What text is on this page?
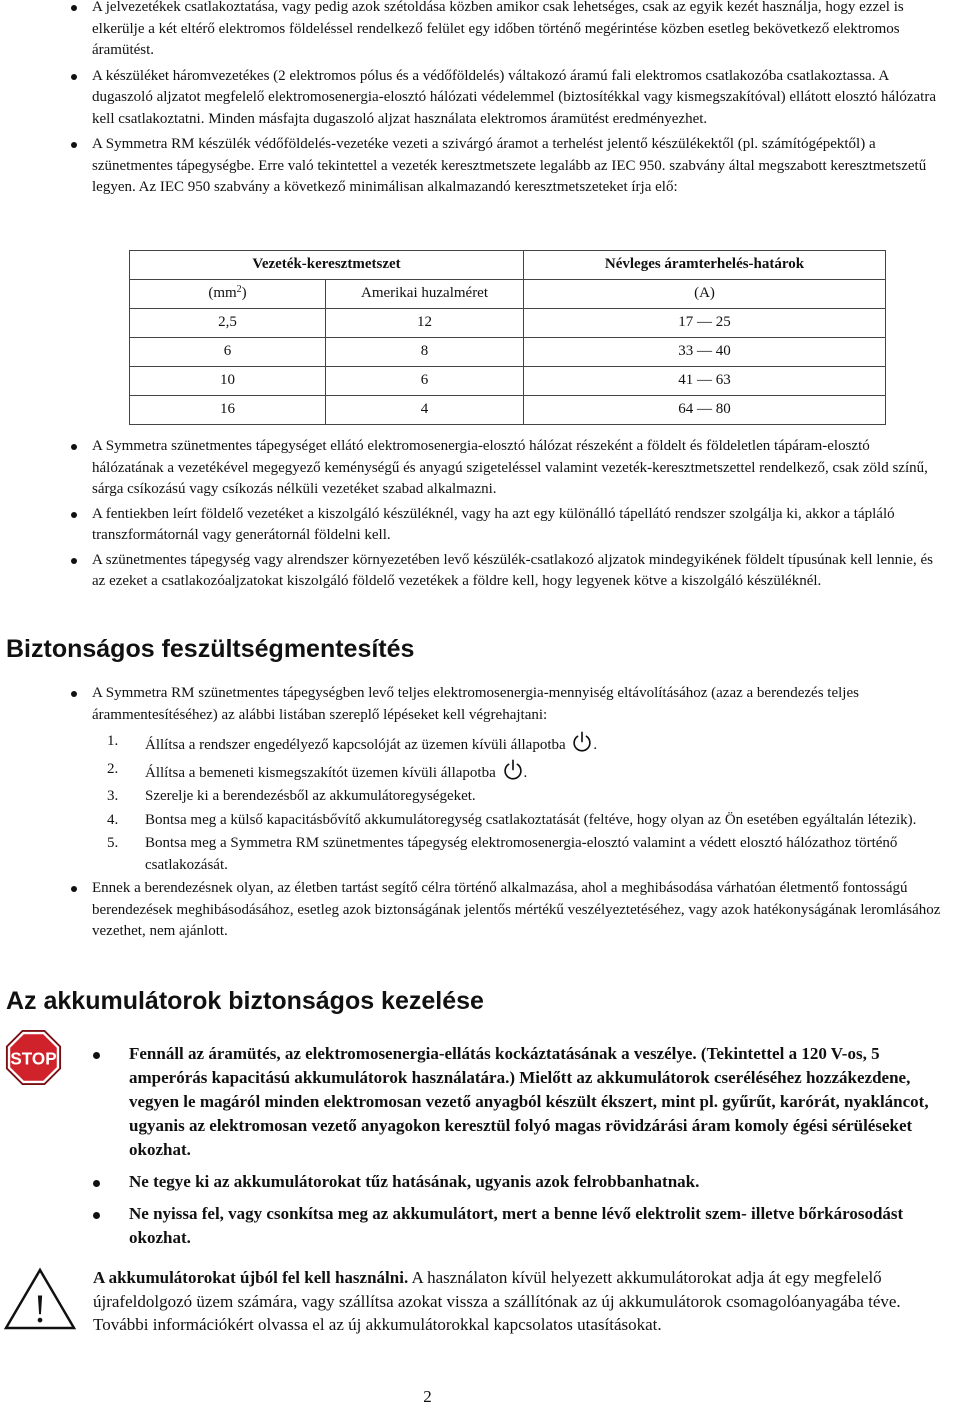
A jelvezetékek csatlakoztatása, vagy pedig azok szétoldása közben amikor csak lehetséges, csak az egyik kezét használja, hogy ezzel is elkerülje a két eltérő elektromos földeléssel rendelkező felület egy időben történő megérintése közben esetleg bekövetkező elektromos áramütést.
A készüléket háromvezetékes (2 elektromos pólus és a védőföldelés) váltakozó áramú fali elektromos csatlakozóba csatlakoztassa. A dugaszoló aljzatot megfelelő elektromosenergia-elosztó hálózati védelemmel (biztosítékkal vagy kismegszakítóval) ellátott elosztó hálózatra kell csatlakoztatni. Minden másfajta dugaszoló aljzat használata elektromos áramütést eredményezhet.
A Symmetra RM készülék védőföldelés-vezetéke vezeti a szivárgó áramot a terhelést jelentő készülékektől (pl. számítógépektől) a szünetmentes tápegységbe. Erre való tekintettel a vezeték keresztmetszete legalább az IEC 950. szabvány által megszabott keresztmetszetű legyen. Az IEC 950 szabvány a következő minimálisan alkalmazandó keresztmetszeteket írja elő:
Vezeték-keresztmetszet		Névleges áramterhelés-határok
$(mm^2)$	Amerikai huzalméret	(A)
2,5	12	17 ― 25
6	8	33 ― 40
10	6	41 ― 63
16	4	64 ― 80
A Symmetra szünetmentes tápegységet ellátó elektromosenergia-elosztó hálózat részeként a földelt és földeletlen tápáram-elosztó hálózatának a vezetékével megegyező keménységű és anyagú szigeteléssel valamint vezeték-keresztmetszettel rendelkező, csak zöld színű, sárga csíkozású vagy csíkozás nélküli vezetéket szabad alkalmazni.
A fentiekben leírt földelő vezetéket a kiszolgáló készüléknél, vagy ha azt egy különálló tápellátó rendszer szolgálja ki, akkor a tápláló transzformátornál vagy generátornál földelni kell.
A szünetmentes tápegység vagy alrendszer környezetében levő készülék-csatlakozó aljzatok mindegyikének földelt típusúnak kell lennie, és az ezeket a csatlakozóaljzatokat kiszolgáló földelő vezetékek a földre kell, hogy legyenek kötve a kiszolgáló készüléknél.
Biztonságos feszültségmentesítés
A Symmetra RM szünetmentes tápegységben levő teljes elektromosenergia-mennyiség eltávolításához (azaz a berendezés teljes árammentesítéséhez) az alábbi listában szereplő lépéseket kell végrehajtani:
1. Állítsa a rendszer engedélyező kapcsolóját az üzemen kívüli állapotba .
2. Állítsa a bemeneti kismegszakítót üzemen kívüli állapotba .
3. Szerelje ki a berendezésből az akkumulátoregységeket.
4. Bontsa meg a külső kapacitásbővítő akkumulátoregység csatlakoztatását (feltéve, hogy olyan az Ön esetében egyáltalán létezik).
5. Bontsa meg a Symmetra RM szünetmentes tápegység elektromosenergia-elosztó valamint a védett elosztó hálózathoz történő csatlakozását.
Ennek a berendezésnek olyan, az életben tartást segítő célra történő alkalmazása, ahol a meghibásodása várhatóan életmentő fontosságú berendezések meghibásodásához, esetleg azok biztonságának jelentős mértékű veszélyeztetéséhez, vagy azok hatékonyságának leromlásához vezethet, nem ajánlott.
Az akkumulátorok biztonságos kezelése
STOP	Fennáll az áramütés, az elektromosenergia-ellátás kockáztatásának a veszélye. (Tekintettel a 120 V-os, 5 amperórás kapacitású akkumulátorok használatára.) Mielőtt az akkumulátorok cseréléséhez hozzákezdene, vegyen le magáról minden elektromosan vezető anyagból készült ékszert, mint pl. gyűrűt, karórát, nyakláncot, ugyanis az elektromosan vezető anyagokon keresztül folyó magas rövidzárási áram komoly égési sérüléseket okozhat.
Ne tegye ki az akkumulátorokat tűz hatásának, ugyanis azok felrobbanhatnak.
Ne nyissa fel, vagy csonkítsa meg az akkumulátort, mert a benne lévő elektrolit szem- illetve bőrkárosodást okozhat.
!
A akkumulátorokat újból fel kell használni. A használaton kívül helyezett akkumulátorokat adja át egy megfelelő újrafeldolgozó üzem számára, vagy szállítsa azokat vissza a szállítónak az új akkumulátorok csomagolóanyagába téve. További információkért olvassa el az új akkumulátorokkal kapcsolatos utasításokat.
2
